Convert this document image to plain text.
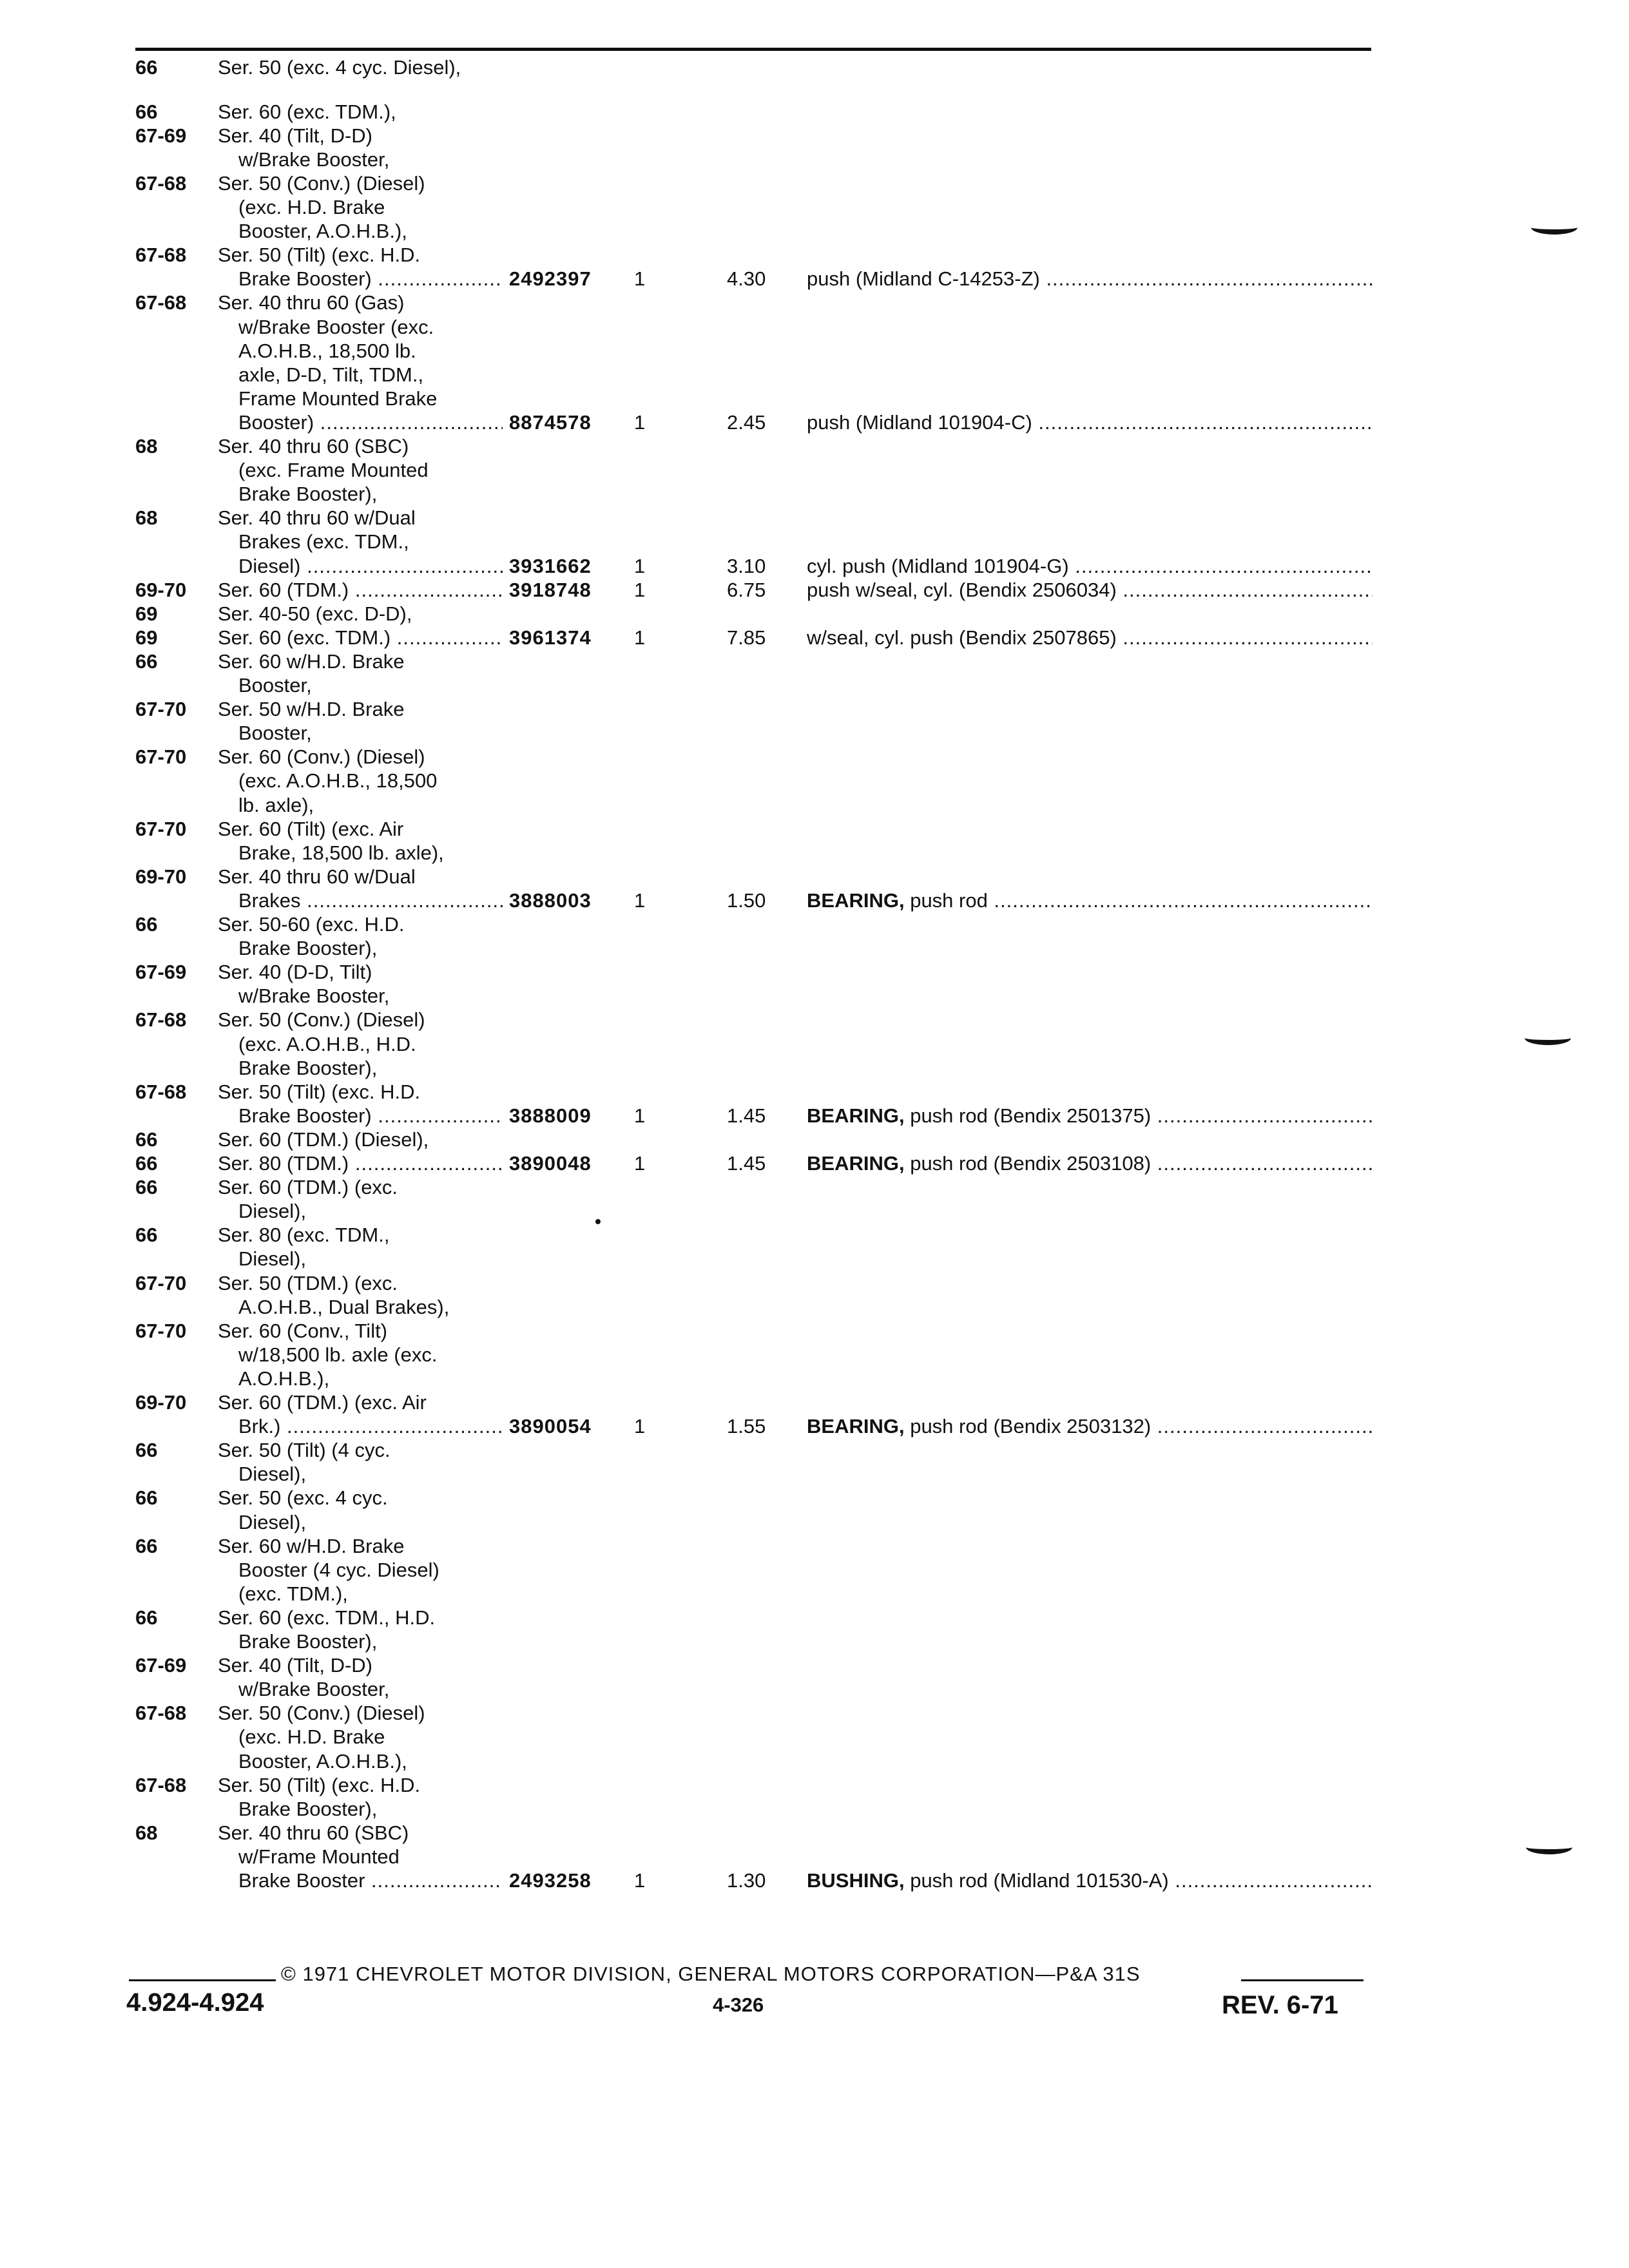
66	Ser. 50 (exc. 4 cyc. Diesel),
66	Ser. 60 (exc. TDM.),
67-69	Ser. 40 (Tilt, D-D)
w/Brake Booster,
67-68	Ser. 50 (Conv.) (Diesel)
(exc. H.D. Brake
Booster, A.O.H.B.),
67-68	Ser. 50 (Tilt) (exc. H.D.
Brake Booster) .....	2492397	1	4.30	push (Midland C-14253-Z) .....
67-68	Ser. 40 thru 60 (Gas)
w/Brake Booster (exc.
A.O.H.B., 18,500 lb.
axle, D-D, Tilt, TDM.,
Frame Mounted Brake
Booster) .....	8874578	1	2.45	push (Midland 101904-C) .....
68	Ser. 40 thru 60 (SBC)
(exc. Frame Mounted
Brake Booster),
68	Ser. 40 thru 60 w/Dual
Brakes (exc. TDM.,
Diesel) .....	3931662	1	3.10	cyl. push (Midland 101904-G) .....
69-70	Ser. 60 (TDM.) .....	3918748	1	6.75	push w/seal, cyl. (Bendix 2506034) .....
69	Ser. 40-50 (exc. D-D),
69	Ser. 60 (exc. TDM.) .....	3961374	1	7.85	w/seal, cyl. push (Bendix 2507865) .....
66	Ser. 60 w/H.D. Brake
Booster,
67-70	Ser. 50 w/H.D. Brake
Booster,
67-70	Ser. 60 (Conv.) (Diesel)
(exc. A.O.H.B., 18,500
lb. axle),
67-70	Ser. 60 (Tilt) (exc. Air
Brake, 18,500 lb. axle),
69-70	Ser. 40 thru 60 w/Dual
Brakes .....	3888003	1	1.50	BEARING, push rod .....
66	Ser. 50-60 (exc. H.D.
Brake Booster),
67-69	Ser. 40 (D-D, Tilt)
w/Brake Booster,
67-68	Ser. 50 (Conv.) (Diesel)
(exc. A.O.H.B., H.D.
Brake Booster),
67-68	Ser. 50 (Tilt) (exc. H.D.
Brake Booster) .....	3888009	1	1.45	BEARING, push rod (Bendix 2501375) .....
66	Ser. 60 (TDM.) (Diesel),
66	Ser. 80 (TDM.) .....	3890048	1	1.45	BEARING, push rod (Bendix 2503108) .....
66	Ser. 60 (TDM.) (exc.
Diesel),
66	Ser. 80 (exc. TDM.,
Diesel),
67-70	Ser. 50 (TDM.) (exc.
A.O.H.B., Dual Brakes),
67-70	Ser. 60 (Conv., Tilt)
w/18,500 lb. axle (exc.
A.O.H.B.),
69-70	Ser. 60 (TDM.) (exc. Air
Brk.) .....	3890054	1	1.55	BEARING, push rod (Bendix 2503132) .....
66	Ser. 50 (Tilt) (4 cyc.
Diesel),
66	Ser. 50 (exc. 4 cyc.
Diesel),
66	Ser. 60 w/H.D. Brake
Booster (4 cyc. Diesel)
(exc. TDM.),
66	Ser. 60 (exc. TDM., H.D.
Brake Booster),
67-69	Ser. 40 (Tilt, D-D)
w/Brake Booster,
67-68	Ser. 50 (Conv.) (Diesel)
(exc. H.D. Brake
Booster, A.O.H.B.),
67-68	Ser. 50 (Tilt) (exc. H.D.
Brake Booster),
68	Ser. 40 thru 60 (SBC)
w/Frame Mounted
Brake Booster .....	2493258	1	1.30	BUSHING, push rod (Midland 101530-A) .....
© 1971 CHEVROLET MOTOR DIVISION, GENERAL MOTORS CORPORATION—P&A 31S
4.924-4.924	4-326	REV. 6-71
